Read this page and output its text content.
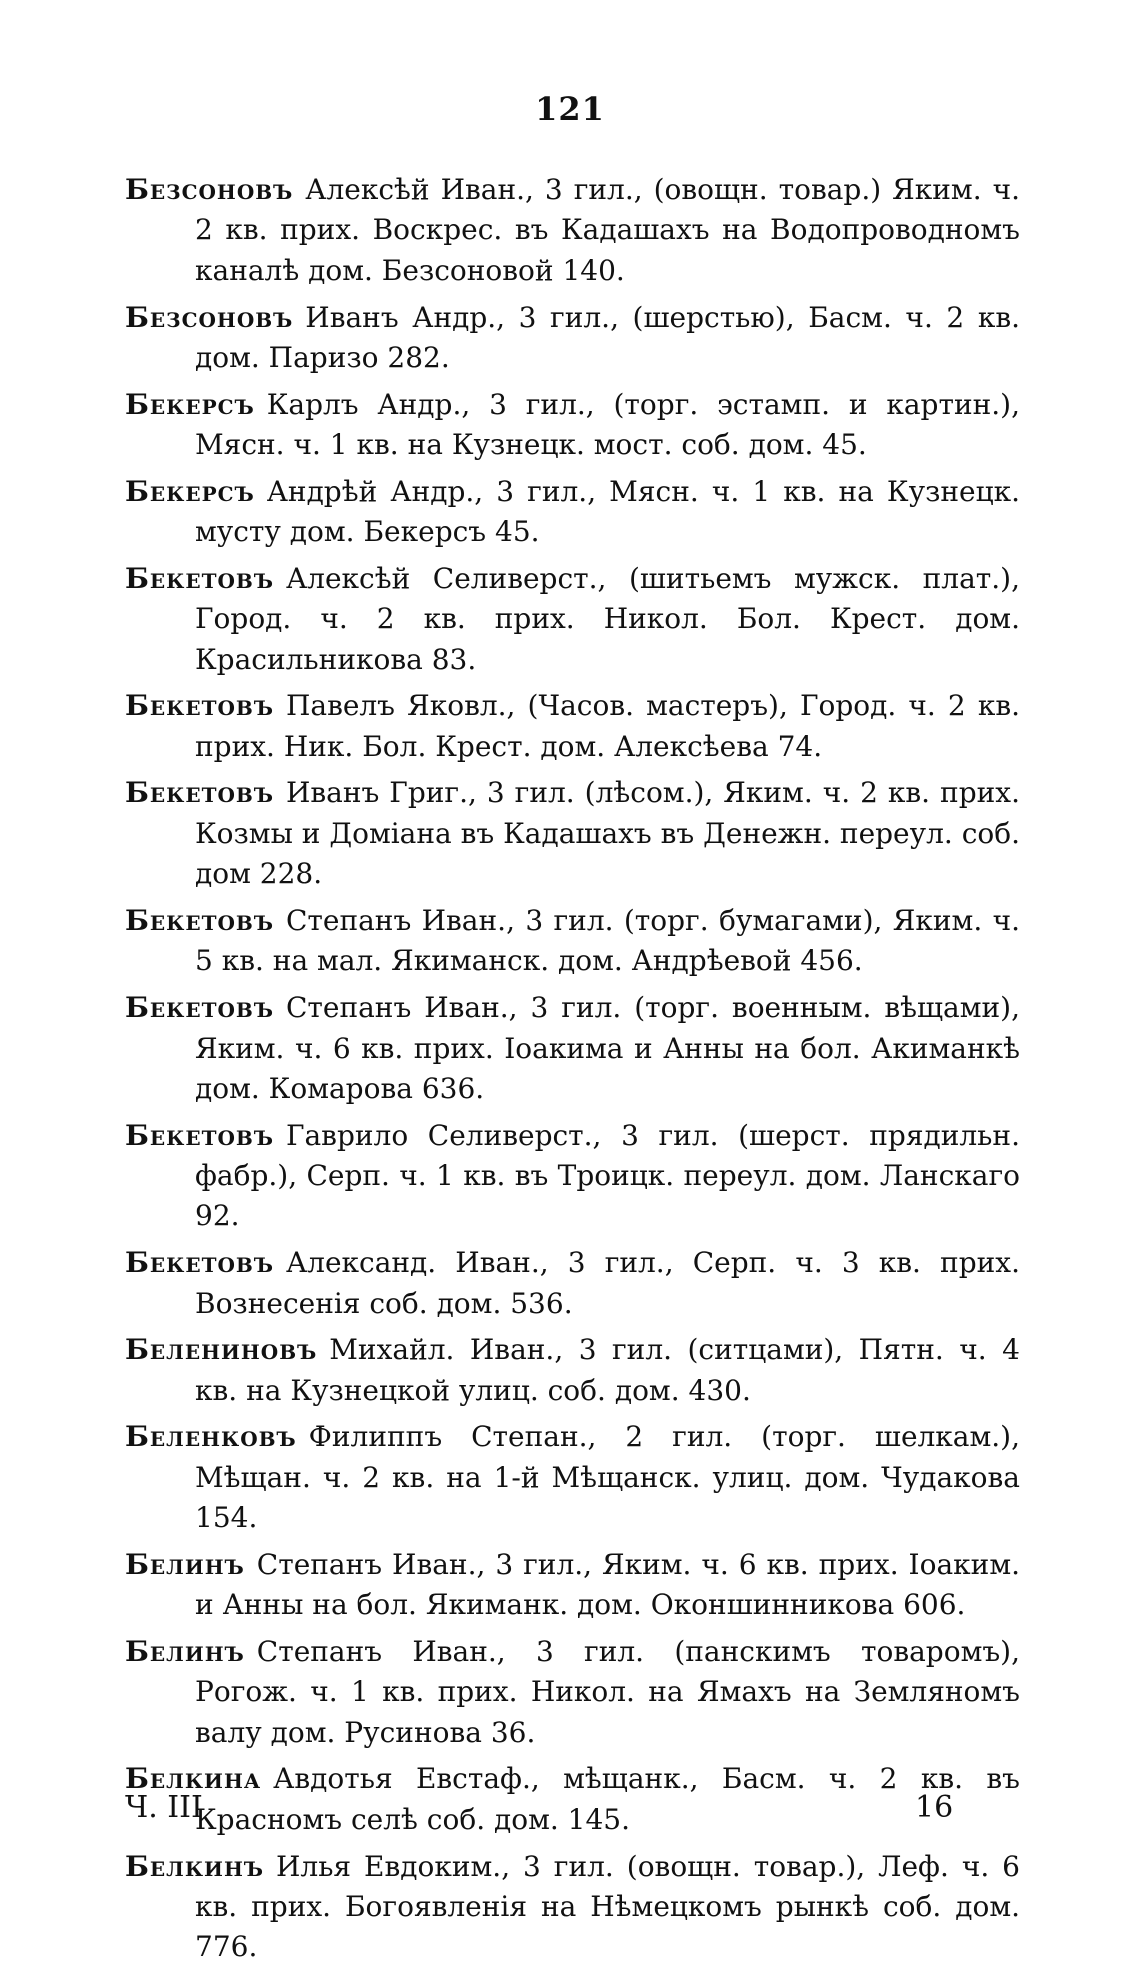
121

Безсоновъ Алексѣй Иван., 3 гил., (овощн. товар.) Яким. ч. 2 кв. прих. Воскрес. въ Кадашахъ на Водопроводномъ каналѣ дом. Безсоновой 140.

Безсоновъ Иванъ Андр., 3 гил., (шерстью), Басм. ч. 2 кв. дом. Паризо 282.

Бекерсъ Карлъ Андр., 3 гил., (торг. эстамп. и картин.), Мясн. ч. 1 кв. на Кузнецк. мост. соб. дом. 45.

Бекерсъ Андрѣй Андр., 3 гил., Мясн. ч. 1 кв. на Кузнецк. мусту дом. Бекерсъ 45.

Бекетовъ Алексѣй Селиверст., (шитьемъ мужск. плат.), Город. ч. 2 кв. прих. Никол. Бол. Крест. дом. Красильникова 83.

Бекетовъ Павелъ Яковл., (Часов. мастеръ), Город. ч. 2 кв. прих. Ник. Бол. Крест. дом. Алексѣева 74.

Бекетовъ Иванъ Григ., 3 гил. (лѣсом.), Яким. ч. 2 кв. прих. Козмы и Доміана въ Кадашахъ въ Денежн. переул. соб. дом 228.

Бекетовъ Степанъ Иван., 3 гил. (торг. бумагами), Яким. ч. 5 кв. на мал. Якиманск. дом. Андрѣевой 456.

Бекетовъ Степанъ Иван., 3 гил. (торг. военным. вѣщами), Яким. ч. 6 кв. прих. Іоакима и Анны на бол. Акиманкѣ дом. Комарова 636.

Бекетовъ Гаврило Селиверст., 3 гил. (шерст. прядильн. фабр.), Серп. ч. 1 кв. въ Троицк. переул. дом. Ланскаго 92.

Бекетовъ Александ. Иван., 3 гил., Серп. ч. 3 кв. прих. Вознесенія соб. дом. 536.

Белениновъ Михайл. Иван., 3 гил. (ситцами), Пятн. ч. 4 кв. на Кузнецкой улиц. соб. дом. 430.

Беленковъ Филиппъ Степан., 2 гил. (торг. шелкам.), Мѣщан. ч. 2 кв. на 1-й Мѣщанск. улиц. дом. Чудакова 154.

Белинъ Степанъ Иван., 3 гил., Яким. ч. 6 кв. прих. Іоаким. и Анны на бол. Якиманк. дом. Оконшинникова 606.

Белинъ Степанъ Иван., 3 гил. (панскимъ товаромъ), Рогож. ч. 1 кв. прих. Никол. на Ямахъ на Земляномъ валу дом. Русинова 36.

Белкина Авдотья Евстаф., мѣщанк., Басм. ч. 2 кв. въ Красномъ селѣ соб. дом. 145.

Белкинъ Илья Евдоким., 3 гил. (овощн. товар.), Леф. ч. 6 кв. прих. Богоявленія на Нѣмецкомъ рынкѣ соб. дом. 776.

Ч. III	16
